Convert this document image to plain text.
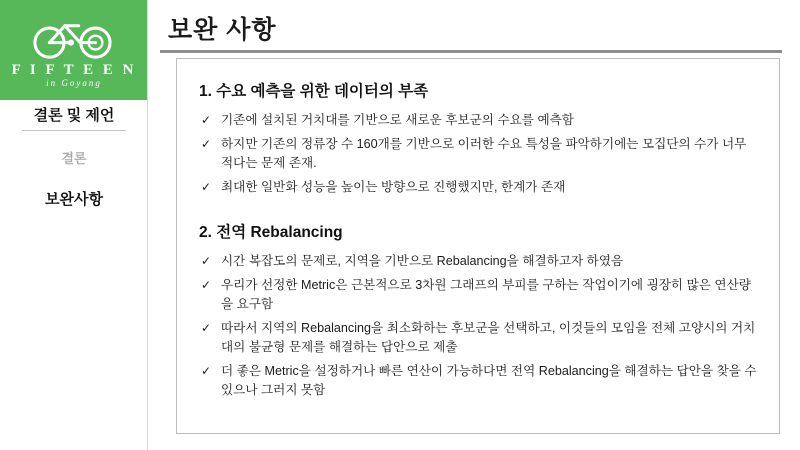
F I F T E E N
in Goyang
결론 및 제언
결론
보완사항
보완 사항
1. 수요 예측을 위한 데이터의 부족
✓ 기존에 설치된 거치대를 기반으로 새로운 후보군의 수요를 예측함
✓ 하지만 기존의 정류장 수 160개를 기반으로 이러한 수요 특성을 파악하기에는 모집단의 수가 너무 적다는 문제 존재.
✓ 최대한 일반화 성능을 높이는 방향으로 진행했지만, 한계가 존재
2. 전역 Rebalancing
✓ 시간 복잡도의 문제로, 지역을 기반으로 Rebalancing을 해결하고자 하였음
✓ 우리가 선정한 Metric은 근본적으로 3차원 그래프의 부피를 구하는 작업이기에 굉장히 많은 연산량을 요구함
✓ 따라서 지역의 Rebalancing을 최소화하는 후보군을 선택하고, 이것들의 모임을 전체 고양시의 거치대의 불균형 문제를 해결하는 답안으로 제출
✓ 더 좋은 Metric을 설정하거나 빠른 연산이 가능하다면 전역 Rebalancing을 해결하는 답안을 찾을 수 있으나 그러지 못함
